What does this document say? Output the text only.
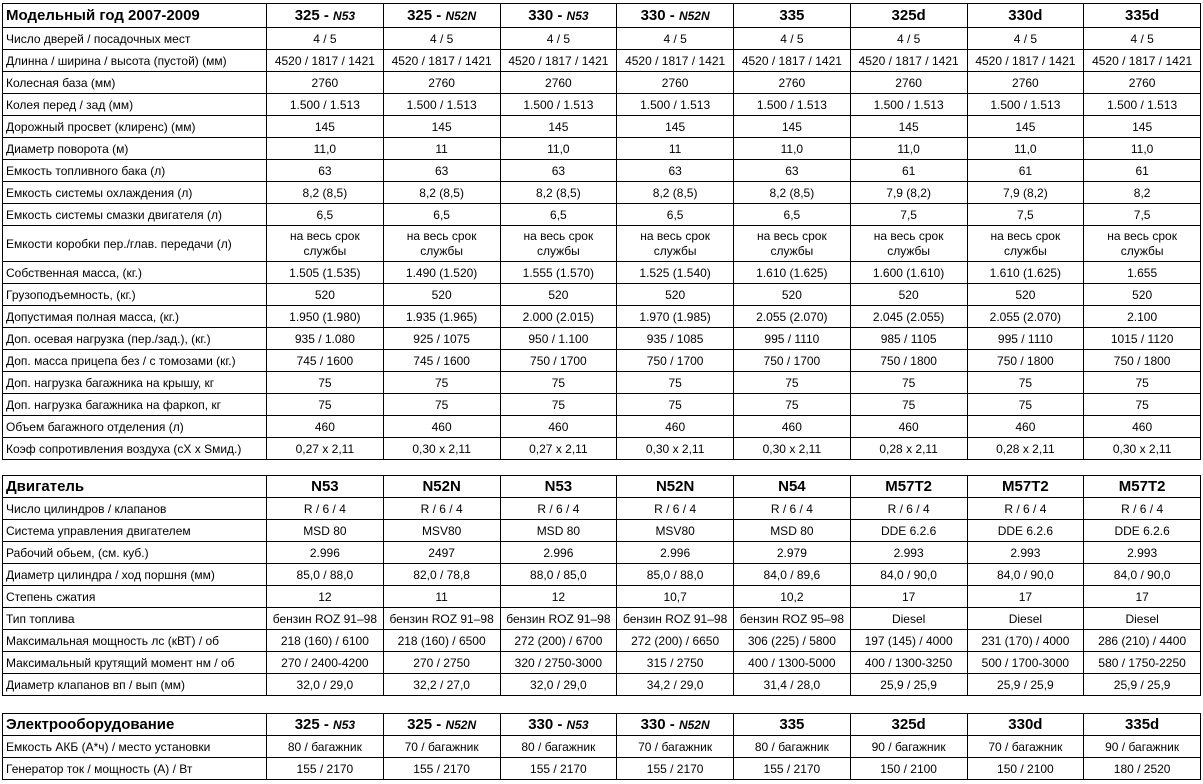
Модельный год 2007-2009	325 - N53	325 - N52N	330 - N53	330 - N52N	335	325d	330d	335d
Число дверей / посадочных мест	4 / 5	4 / 5	4 / 5	4 / 5	4 / 5	4 / 5	4 / 5	4 / 5
Длинна / ширина / высота (пустой) (мм)	4520 / 1817 / 1421	4520 / 1817 / 1421	4520 / 1817 / 1421	4520 / 1817 / 1421	4520 / 1817 / 1421	4520 / 1817 / 1421	4520 / 1817 / 1421	4520 / 1817 / 1421
Колесная база (мм)	2760	2760	2760	2760	2760	2760	2760	2760
Колея перед / зад (мм)	1.500 / 1.513	1.500 / 1.513	1.500 / 1.513	1.500 / 1.513	1.500 / 1.513	1.500 / 1.513	1.500 / 1.513	1.500 / 1.513
Дорожный просвет (клиренс) (мм)	145	145	145	145	145	145	145	145
Диаметр поворота (м)	11,0	11	11,0	11	11,0	11,0	11,0	11,0
Емкость топливного бака (л)	63	63	63	63	63	61	61	61
Емкость системы охлаждения (л)	8,2 (8,5)	8,2 (8,5)	8,2 (8,5)	8,2 (8,5)	8,2 (8,5)	7,9 (8,2)	7,9 (8,2)	8,2
Емкость системы смазки двигателя (л)	6,5	6,5	6,5	6,5	6,5	7,5	7,5	7,5
Емкости коробки пер./глав. передачи (л)	на весь срок службы	на весь срок службы	на весь срок службы	на весь срок службы	на весь срок службы	на весь срок службы	на весь срок службы	на весь срок службы
Собственная масса, (кг.)	1.505 (1.535)	1.490 (1.520)	1.555 (1.570)	1.525 (1.540)	1.610 (1.625)	1.600 (1.610)	1.610 (1.625)	1.655
Грузоподъемность, (кг.)	520	520	520	520	520	520	520	520
Допустимая полная масса, (кг.)	1.950 (1.980)	1.935 (1.965)	2.000 (2.015)	1.970 (1.985)	2.055 (2.070)	2.045 (2.055)	2.055 (2.070)	2.100
Доп. осевая нагрузка (пер./зад.), (кг.)	935 / 1.080	925 / 1075	950 / 1.100	935 / 1085	995 / 1110	985 / 1105	995 / 1110	1015 / 1120
Доп. масса прицепа без / с томозами (кг.)	745 / 1600	745 / 1600	750 / 1700	750 / 1700	750 / 1700	750 / 1800	750 / 1800	750 / 1800
Доп. нагрузка багажника на крышу, кг	75	75	75	75	75	75	75	75
Доп. нагрузка багажника на фаркоп, кг	75	75	75	75	75	75	75	75
Объем багажного отделения (л)	460	460	460	460	460	460	460	460
Коэф сопротивления воздуха (cX x Sмид.)	0,27 x 2,11	0,30 x 2,11	0,27 x 2,11	0,30 x 2,11	0,30 x 2,11	0,28 x 2,11	0,28 x 2,11	0,30 x 2,11
Двигатель	N53	N52N	N53	N52N	N54	M57T2	M57T2	M57T2
Число цилиндров / клапанов	R / 6 / 4	R / 6 / 4	R / 6 / 4	R / 6 / 4	R / 6 / 4	R / 6 / 4	R / 6 / 4	R / 6 / 4
Система управления двигателем	MSD 80	MSV80	MSD 80	MSV80	MSD 80	DDE 6.2.6	DDE 6.2.6	DDE 6.2.6
Рабочий обьем, (см. куб.)	2.996	2497	2.996	2.996	2.979	2.993	2.993	2.993
Диаметр цилиндра / ход поршня (мм)	85,0 / 88,0	82,0 / 78,8	88,0 / 85,0	85,0 / 88,0	84,0 / 89,6	84,0 / 90,0	84,0 / 90,0	84,0 / 90,0
Степень сжатия	12	11	12	10,7	10,2	17	17	17
Тип топлива	бензин ROZ 91–98	бензин ROZ 91–98	бензин ROZ 91–98	бензин ROZ 91–98	бензин ROZ 95–98	Diesel	Diesel	Diesel
Максимальная мощность лс (кВТ) / об	218 (160) / 6100	218 (160) / 6500	272 (200) / 6700	272 (200) / 6650	306 (225) / 5800	197 (145) / 4000	231 (170) / 4000	286 (210) / 4400
Максимальный крутящий момент нм / об	270 / 2400-4200	270 / 2750	320 / 2750-3000	315 / 2750	400 / 1300-5000	400 / 1300-3250	500 / 1700-3000	580 / 1750-2250
Диаметр клапанов вп / вып (мм)	32,0 / 29,0	32,2 / 27,0	32,0 / 29,0	34,2 / 29,0	31,4 / 28,0	25,9 / 25,9	25,9 / 25,9	25,9 / 25,9
Электрооборудование	325 - N53	325 - N52N	330 - N53	330 - N52N	335	325d	330d	335d
Емкость АКБ (А*ч) / место установки	80 / багажник	70 / багажник	80 / багажник	70 / багажник	80 / багажник	90 / багажник	70 / багажник	90 / багажник
Генератор ток / мощность (А) / Вт	155 / 2170	155 / 2170	155 / 2170	155 / 2170	155 / 2170	150 / 2100	150 / 2100	180 / 2520
